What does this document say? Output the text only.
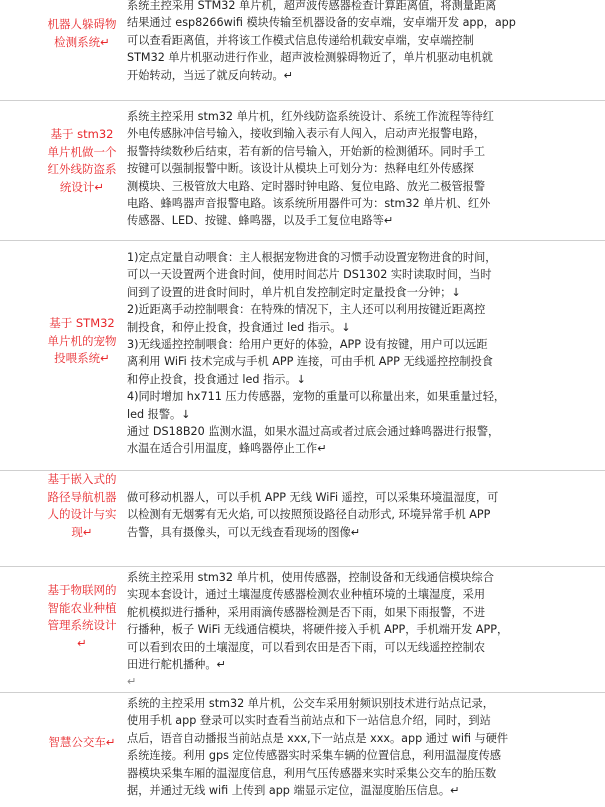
机器人躲碍物检测系统↵

系统主控采用 STM32 单片机，超声波传感器检查计算距离值，将测量距离

结果通过 esp8266wifi 模块传输至机器设备的安卓端，安卓端开发 app，app

可以查看距离值，并将该工作模式信息传递给机载安卓端，安卓端控制

STM32 单片机驱动进行作业，超声波检测躲碍物近了，单片机驱动电机就

开始转动，当远了就反向转动。↵

基于 stm32 单片机做一个红外线防盗系统设计↵

系统主控采用 stm32 单片机，红外线防盗系统设计、系统工作流程等待红

外电传感脉冲信号输入，接收到输入表示有人闯入，启动声光报警电路，

报警持续数秒后结束，若有新的信号输入，开始新的检测循环。同时手工

按键可以强制报警中断。该设计从模块上可划分为：热释电红外传感探

测模块、三极管放大电路、定时器时钟电路、复位电路、放光二极管报警

电路、蜂鸣器声音报警电路。该系统所用器件可为：stm32 单片机、红外

传感器、LED、按键、蜂鸣器，以及手工复位电路等↵

基于 STM32 单片机的宠物投喂系统↵

1)定点定量自动喂食：主人根据宠物进食的习惯手动设置宠物进食的时间，

可以一天设置两个进食时间，使用时间芯片 DS1302 实时读取时间，当时

间到了设置的进食时间时，单片机自发控制定时定量投食一分钟；↓

2)近距离手动控制喂食：在特殊的情况下，主人还可以利用按键近距离控

制投食，和停止投食，投食通过 led 指示。↓

3)无线遥控控制喂食：给用户更好的体验，APP 设有按键，用户可以远距

离利用 WiFi 技术完成与手机 APP 连接，可由手机 APP 无线遥控控制投食

和停止投食，投食通过 led 指示。↓

4)同时增加 hx711 压力传感器，宠物的重量可以称量出来，如果重量过轻，

led 报警。↓

通过 DS18B20 监测水温，如果水温过高或者过底会通过蜂鸣器进行报警，

水温在适合引用温度，蜂鸣器停止工作↵

基于嵌入式的路径导航机器人的设计与实现↵

做可移动机器人，可以手机 APP 无线 WiFi 遥控，可以采集环境温湿度，可

以检测有无烟雾有无火焰, 可以按照预设路径自动形式, 环境异常手机 APP

告警，具有摄像头，可以无线查看现场的图像↵

基于物联网的智能农业种植管理系统设计↵

系统主控采用 stm32 单片机，使用传感器，控制设备和无线通信模块综合

实现本套设计，通过土壤湿度传感器检测农业种植环境的土壤湿度，采用

舵机模拟进行播种，采用雨滴传感器检测是否下雨，如果下雨报警，不进

行播种，板子 WiFi 无线通信模块，将硬件接入手机 APP，手机端开发 APP，

可以看到农田的土壤湿度，可以看到农田是否下雨，可以无线遥控控制农

田进行舵机播种。↵

↵

智慧公交车↵

系统的主控采用 stm32 单片机，公交车采用射频识别技术进行站点记录，

使用手机 app 登录可以实时查看当前站点和下一站信息介绍，同时，到站

点后，语音自动播报当前站点是 xxx,下一站点是 xxx。app 通过 wifi 与硬件

系统连接。利用 gps 定位传感器实时采集车辆的位置信息，利用温湿度传感

器模块采集车厢的温湿度信息，利用气压传感器来实时采集公交车的胎压数

据，并通过无线 wifi 上传到 app 端显示定位，温湿度胎压信息。↵
